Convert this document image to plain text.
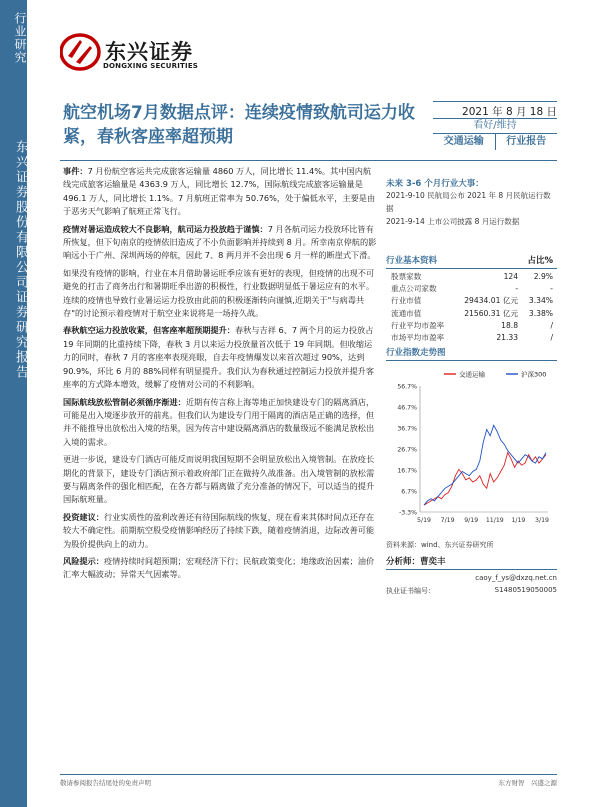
行业研究
东兴证券股份有限公司证券研究报告
东兴证券
DONGXING SECURITIES
航空机场7月数据点评：连续疫情致航司运力收紧，春秋客座率超预期
2021 年 8 月 18 日
看好/维持
交通运输	行业报告

事件：7 月份航空客运共完成旅客运输量 4860 万人，同比增长 11.4%。其中国内航线完成旅客运输量是 4363.9 万人，同比增长 12.7%，国际航线完成旅客运输量是 496.1 万人，同比增长 1.1%。7 月航班正常率为 50.76%，处于偏低水平，主要是由于恶劣天气影响了航班正常飞行。

疫情对暑运造成较大不良影响，航司运力投放趋于谨慎：7 月各航司运力投放环比皆有所恢复，但下旬南京的疫情依旧造成了不小负面影响并持续到 8 月。所幸南京停航的影响远小于广州、深圳两场的停航，因此 7、8 两月并不会出现 6 月一样的断崖式下滑。

如果没有疫情的影响，行业在本月借助暑运旺季应该有更好的表现，但疫情的出现不可避免的打击了商务出行和暑期旺季出游的积极性，行业数据明显低于暑运应有的水平。连续的疫情也导致行业暑运运力投放由此前的积极逐渐转向谨慎,近期关于"与病毒共存"的讨论预示着疫情对于航空业来说将是一场持久战。

春秋航空运力投放收紧，但客座率超预期提升：春秋与吉祥 6、7 两个月的运力投放占 19 年同期的比重持续下降，春秋 3 月以来运力投放量首次低于 19 年同期。但收缩运力的同时，春秋 7 月的客座率表现亮眼，自去年疫情爆发以来首次超过 90%，达到 90.9%，环比 6 月的 88%同样有明显提升。我们认为春秋通过控制运力投放并提升客座率的方式降本增效，缓解了疫情对公司的不利影响。

国际航线放松管制必须循序渐进：近期有传言称上海等地正加快建设专门的隔离酒店，可能是出入境逐步放开的前兆。但我们认为建设专门用于隔离的酒店是正确的选择，但并不能推导出放松出入境的结果，因为传言中建设隔离酒店的数量级远不能满足放松出入境的需求。

更进一步说，建设专门酒店可能反而说明我国短期不会明显放松出入境管制。在放疫长期化的背景下，建设专门酒店预示着政府部门正在做持久战准备。出入境管制的放松需要与隔离条件的强化相匹配，在各方都与隔离做了充分准备的情况下，可以适当的提升国际航班量。

投资建议：行业实质性的盈利改善还有待国际航线的恢复，现在看来其体时间点还存在较大不确定性。前期航空股受疫情影响经历了持续下跌，随着疫情消退，边际改善可能为股价提供向上的动力。

风险提示：疫情持续时间超预期；宏观经济下行；民航政策变化；地缘政治因素；油价汇率大幅波动；异常天气因素等。

未来 3-6 个月行业大事：
2021-9-10 民航局公布 2021 年 8 月民航运行数据
2021-9-14 上市公司披露 8 月运行数据
行业基本资料	占比%
股票家数	124	2.9%
重点公司家数	-	-
行业市值	29434.01 亿元	3.34%
流通市值	21560.31 亿元	3.38%
行业平均市盈率	18.8	/
市场平均市盈率	21.33	/
行业指数走势图
56.7%
46.7%
36.7%
26.7%
16.7%
6.7%
-3.3%
5/19 7/19 9/19 11/19 1/19 3/19
交通运输	沪深300
资料来源：wind、东兴证券研究所
分析师：曹奕丰
caoy_f_ys@dxzq.net.cn
执业证书编号：	S1480519050005
敬请参阅报告结尾处的免责声明	东方财智　兴盛之源
